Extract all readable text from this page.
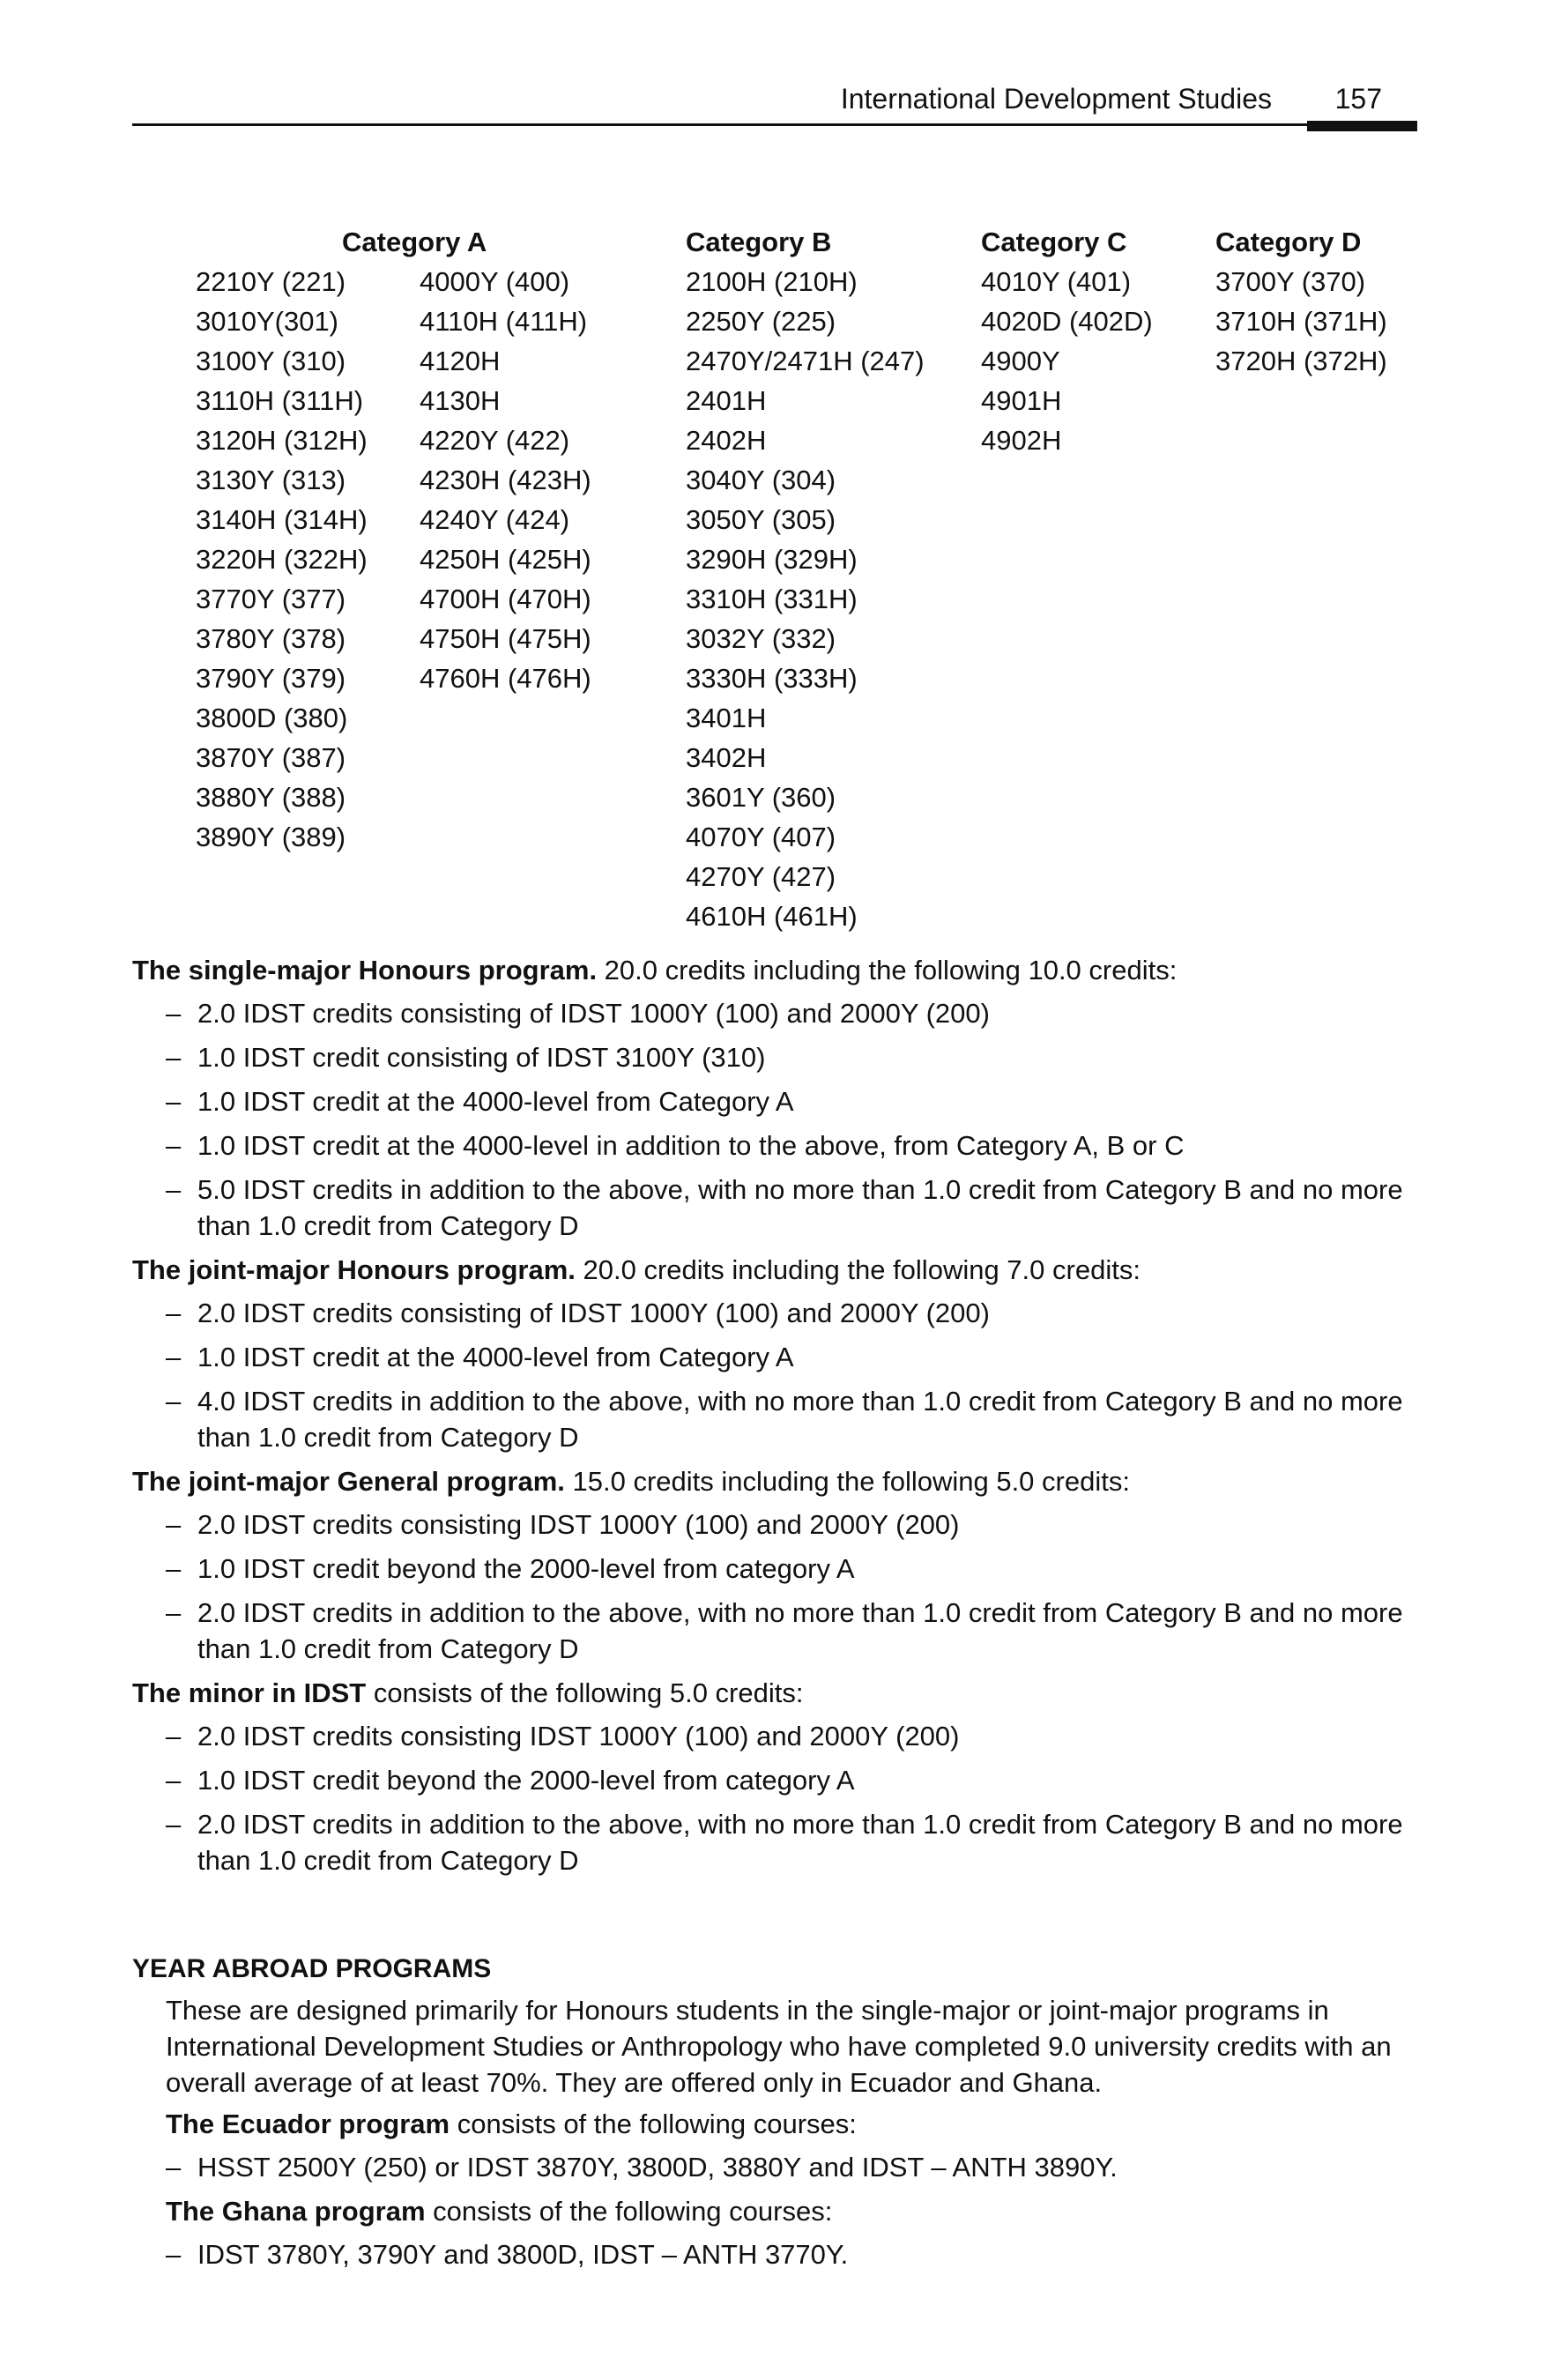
International Development Studies 157
Category A
2210Y (221)
3010Y(301)
3100Y (310)
3110H (311H)
3120H (312H)
3130Y (313)
3140H (314H)
3220H (322H)
3770Y (377)
3780Y (378)
3790Y (379)
3800D (380)
3870Y (387)
3880Y (388)
3890Y (389)

4000Y (400)
4110H (411H)
4120H
4130H
4220Y (422)
4230H (423H)
4240Y (424)
4250H (425H)
4700H (470H)
4750H (475H)
4760H (476H)
Category B
2100H (210H)
2250Y (225)
2470Y/2471H (247)
2401H
2402H
3040Y (304)
3050Y (305)
3290H (329H)
3310H (331H)
3032Y (332)
3330H (333H)
3401H
3402H
3601Y (360)
4070Y (407)
4270Y (427)
4610H (461H)
Category C
4010Y (401)
4020D (402D)
4900Y
4901H
4902H
Category D
3700Y (370)
3710H (371H)
3720H (372H)

The single-major Honours program. 20.0 credits including the following 10.0 credits:

– 2.0 IDST credits consisting of IDST 1000Y (100) and 2000Y (200)
– 1.0 IDST credit consisting of IDST 3100Y (310)
– 1.0 IDST credit at the 4000-level from Category A
– 1.0 IDST credit at the 4000-level in addition to the above, from Category A, B or C
– 5.0 IDST credits in addition to the above, with no more than 1.0 credit from Category B and no more than 1.0 credit from Category D

The joint-major Honours program. 20.0 credits including the following 7.0 credits:

– 2.0 IDST credits consisting of IDST 1000Y (100) and 2000Y (200)
– 1.0 IDST credit at the 4000-level from Category A
– 4.0 IDST credits in addition to the above, with no more than 1.0 credit from Category B and no more than 1.0 credit from Category D

The joint-major General program. 15.0 credits including the following 5.0 credits:

– 2.0 IDST credits consisting IDST 1000Y (100) and 2000Y (200)
– 1.0 IDST credit beyond the 2000-level from category A
– 2.0 IDST credits in addition to the above, with no more than 1.0 credit from Category B and no more than 1.0 credit from Category D

The minor in IDST consists of the following 5.0 credits:

– 2.0 IDST credits consisting IDST 1000Y (100) and 2000Y (200)
– 1.0 IDST credit beyond the 2000-level from category A
– 2.0 IDST credits in addition to the above, with no more than 1.0 credit from Category B and no more than 1.0 credit from Category D

YEAR ABROAD PROGRAMS

These are designed primarily for Honours students in the single-major or joint-major programs in International Development Studies or Anthropology who have completed 9.0 university credits with an overall average of at least 70%. They are offered only in Ecuador and Ghana.

The Ecuador program consists of the following courses:

– HSST 2500Y (250) or IDST 3870Y, 3800D, 3880Y and IDST – ANTH 3890Y.

The Ghana program consists of the following courses:

– IDST 3780Y, 3790Y and 3800D, IDST – ANTH 3770Y.
